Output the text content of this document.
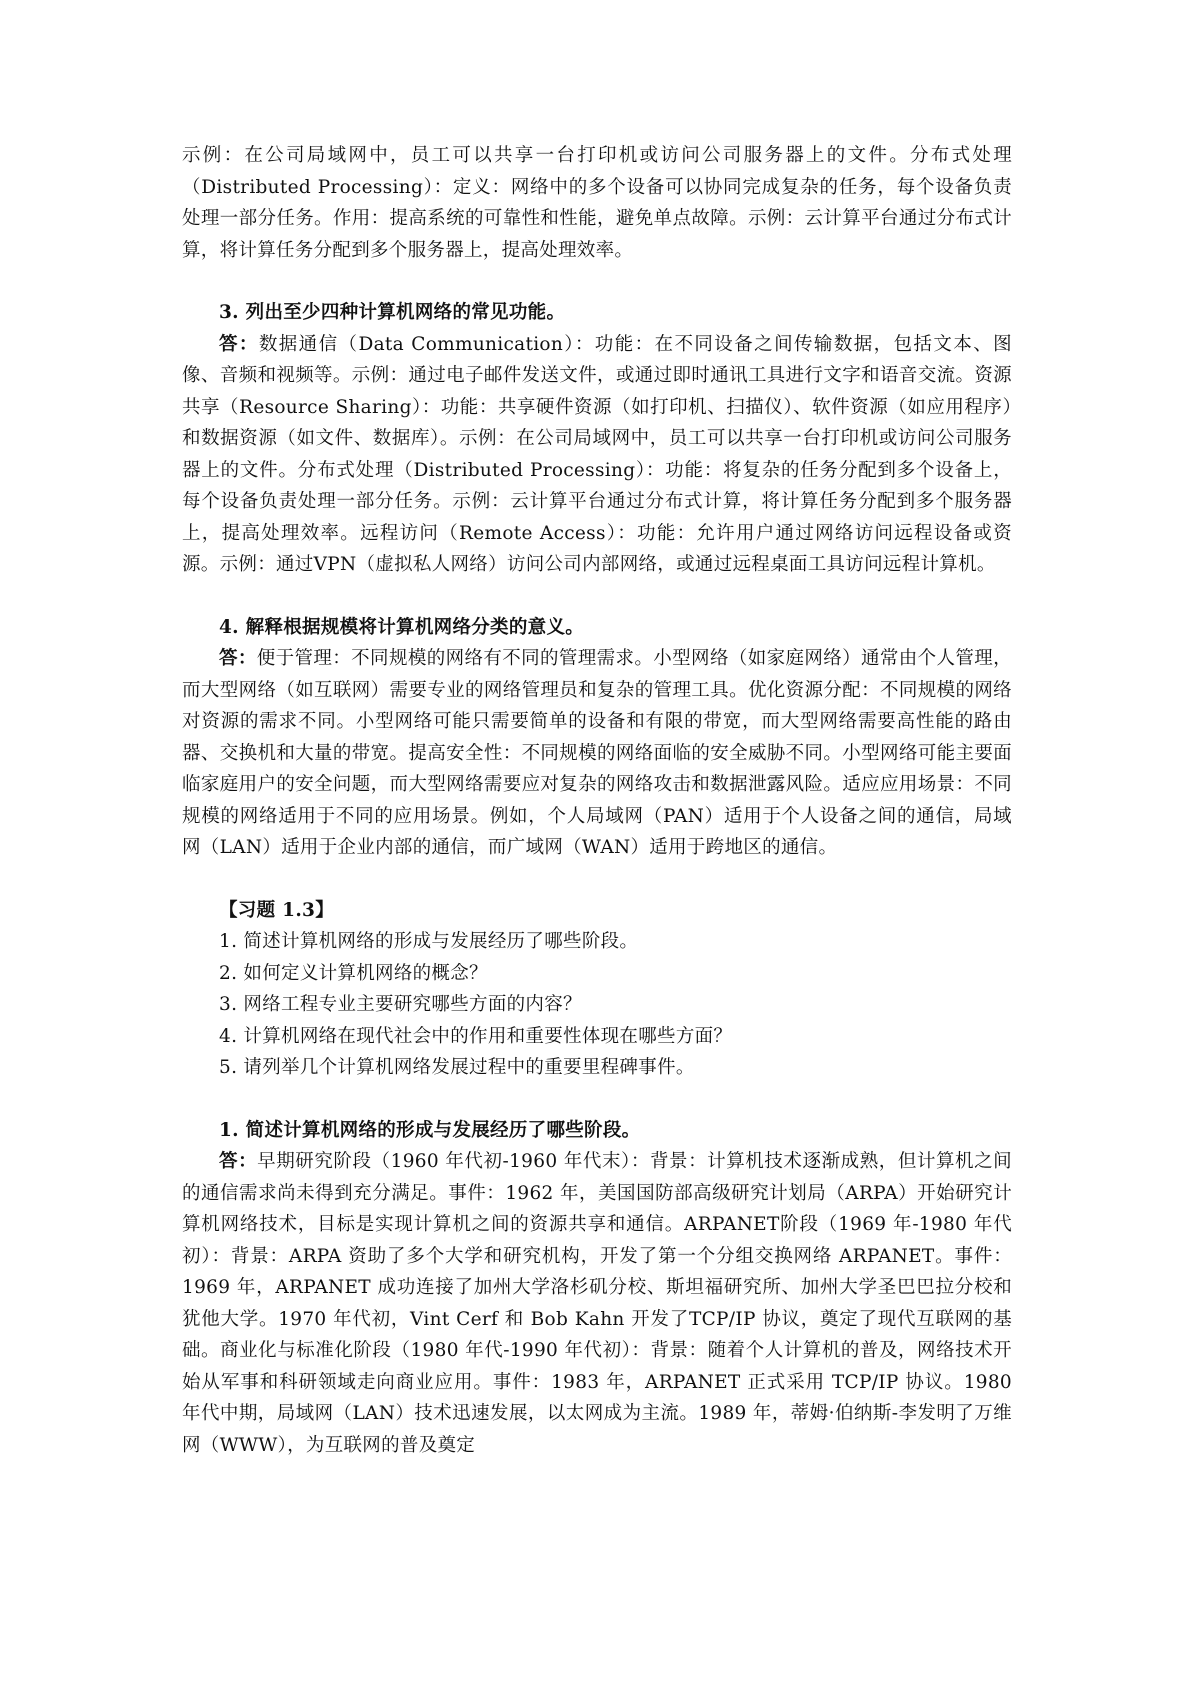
示例：在公司局域网中，员工可以共享一台打印机或访问公司服务器上的文件。分布式处理（Distributed Processing）：定义：网络中的多个设备可以协同完成复杂的任务，每个设备负责处理一部分任务。作用：提高系统的可靠性和性能，避免单点故障。示例：云计算平台通过分布式计算，将计算任务分配到多个服务器上，提高处理效率。

3. 列出至少四种计算机网络的常见功能。

答：数据通信（Data Communication）：功能：在不同设备之间传输数据，包括文本、图像、音频和视频等。示例：通过电子邮件发送文件，或通过即时通讯工具进行文字和语音交流。资源共享（Resource Sharing）：功能：共享硬件资源（如打印机、扫描仪）、软件资源（如应用程序）和数据资源（如文件、数据库）。示例：在公司局域网中，员工可以共享一台打印机或访问公司服务器上的文件。分布式处理（Distributed Processing）：功能：将复杂的任务分配到多个设备上，每个设备负责处理一部分任务。示例：云计算平台通过分布式计算，将计算任务分配到多个服务器上，提高处理效率。远程访问（Remote Access）：功能：允许用户通过网络访问远程设备或资源。示例：通过VPN（虚拟私人网络）访问公司内部网络，或通过远程桌面工具访问远程计算机。

4. 解释根据规模将计算机网络分类的意义。

答：便于管理：不同规模的网络有不同的管理需求。小型网络（如家庭网络）通常由个人管理，而大型网络（如互联网）需要专业的网络管理员和复杂的管理工具。优化资源分配：不同规模的网络对资源的需求不同。小型网络可能只需要简单的设备和有限的带宽，而大型网络需要高性能的路由器、交换机和大量的带宽。提高安全性：不同规模的网络面临的安全威胁不同。小型网络可能主要面临家庭用户的安全问题，而大型网络需要应对复杂的网络攻击和数据泄露风险。适应应用场景：不同规模的网络适用于不同的应用场景。例如，个人局域网（PAN）适用于个人设备之间的通信，局域网（LAN）适用于企业内部的通信，而广域网（WAN）适用于跨地区的通信。

【习题 1.3】

1. 简述计算机网络的形成与发展经历了哪些阶段。

2. 如何定义计算机网络的概念？

3. 网络工程专业主要研究哪些方面的内容？

4. 计算机网络在现代社会中的作用和重要性体现在哪些方面？

5. 请列举几个计算机网络发展过程中的重要里程碑事件。

1. 简述计算机网络的形成与发展经历了哪些阶段。

答：早期研究阶段（1960 年代初-1960 年代末）：背景：计算机技术逐渐成熟，但计算机之间的通信需求尚未得到充分满足。事件：1962 年，美国国防部高级研究计划局（ARPA）开始研究计算机网络技术，目标是实现计算机之间的资源共享和通信。ARPANET阶段（1969 年-1980 年代初）：背景：ARPA 资助了多个大学和研究机构，开发了第一个分组交换网络 ARPANET。事件：1969 年，ARPANET 成功连接了加州大学洛杉矶分校、斯坦福研究所、加州大学圣巴巴拉分校和犹他大学。1970 年代初，Vint Cerf 和 Bob Kahn 开发了TCP/IP 协议，奠定了现代互联网的基础。商业化与标准化阶段（1980 年代-1990 年代初）：背景：随着个人计算机的普及，网络技术开始从军事和科研领域走向商业应用。事件：1983 年，ARPANET 正式采用 TCP/IP 协议。1980 年代中期，局域网（LAN）技术迅速发展，以太网成为主流。1989 年，蒂姆·伯纳斯-李发明了万维网（WWW），为互联网的普及奠定
